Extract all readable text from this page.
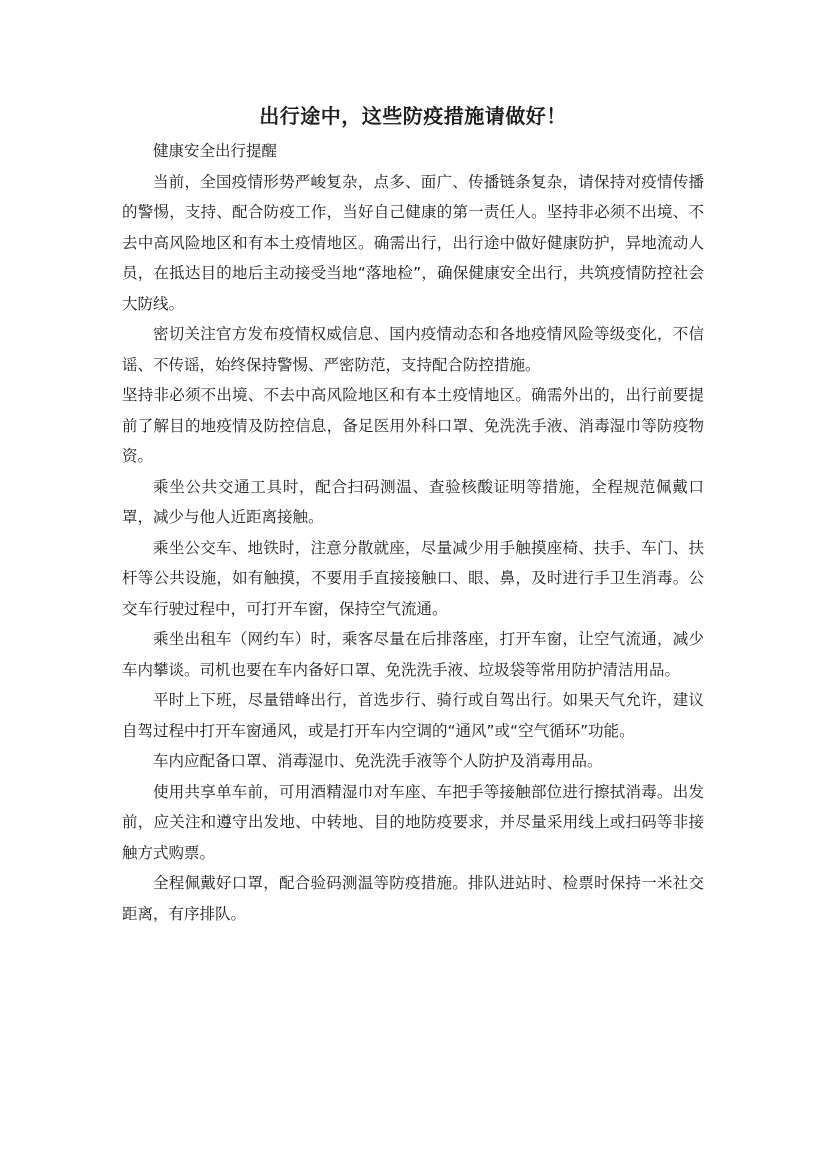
出行途中，这些防疫措施请做好！

健康安全出行提醒

当前，全国疫情形势严峻复杂，点多、面广、传播链条复杂，请保持对疫情传播的警惕，支持、配合防疫工作，当好自己健康的第一责任人。坚持非必须不出境、不去中高风险地区和有本土疫情地区。确需出行，出行途中做好健康防护，异地流动人员，在抵达目的地后主动接受当地“落地检”，确保健康安全出行，共筑疫情防控社会大防线。

密切关注官方发布疫情权威信息、国内疫情动态和各地疫情风险等级变化，不信谣、不传谣，始终保持警惕、严密防范，支持配合防控措施。

坚持非必须不出境、不去中高风险地区和有本土疫情地区。确需外出的，出行前要提前了解目的地疫情及防控信息，备足医用外科口罩、免洗洗手液、消毒湿巾等防疫物资。

乘坐公共交通工具时，配合扫码测温、查验核酸证明等措施，全程规范佩戴口罩，减少与他人近距离接触。

乘坐公交车、地铁时，注意分散就座，尽量减少用手触摸座椅、扶手、车门、扶杆等公共设施，如有触摸，不要用手直接接触口、眼、鼻，及时进行手卫生消毒。公交车行驶过程中，可打开车窗，保持空气流通。

乘坐出租车（网约车）时，乘客尽量在后排落座，打开车窗，让空气流通，减少车内攀谈。司机也要在车内备好口罩、免洗洗手液、垃圾袋等常用防护清洁用品。

平时上下班，尽量错峰出行，首选步行、骑行或自驾出行。如果天气允许，建议自驾过程中打开车窗通风，或是打开车内空调的“通风”或“空气循环”功能。

车内应配备口罩、消毒湿巾、免洗洗手液等个人防护及消毒用品。

使用共享单车前，可用酒精湿巾对车座、车把手等接触部位进行擦拭消毒。出发前，应关注和遵守出发地、中转地、目的地防疫要求，并尽量采用线上或扫码等非接触方式购票。

全程佩戴好口罩，配合验码测温等防疫措施。排队进站时、检票时保持一米社交距离，有序排队。
